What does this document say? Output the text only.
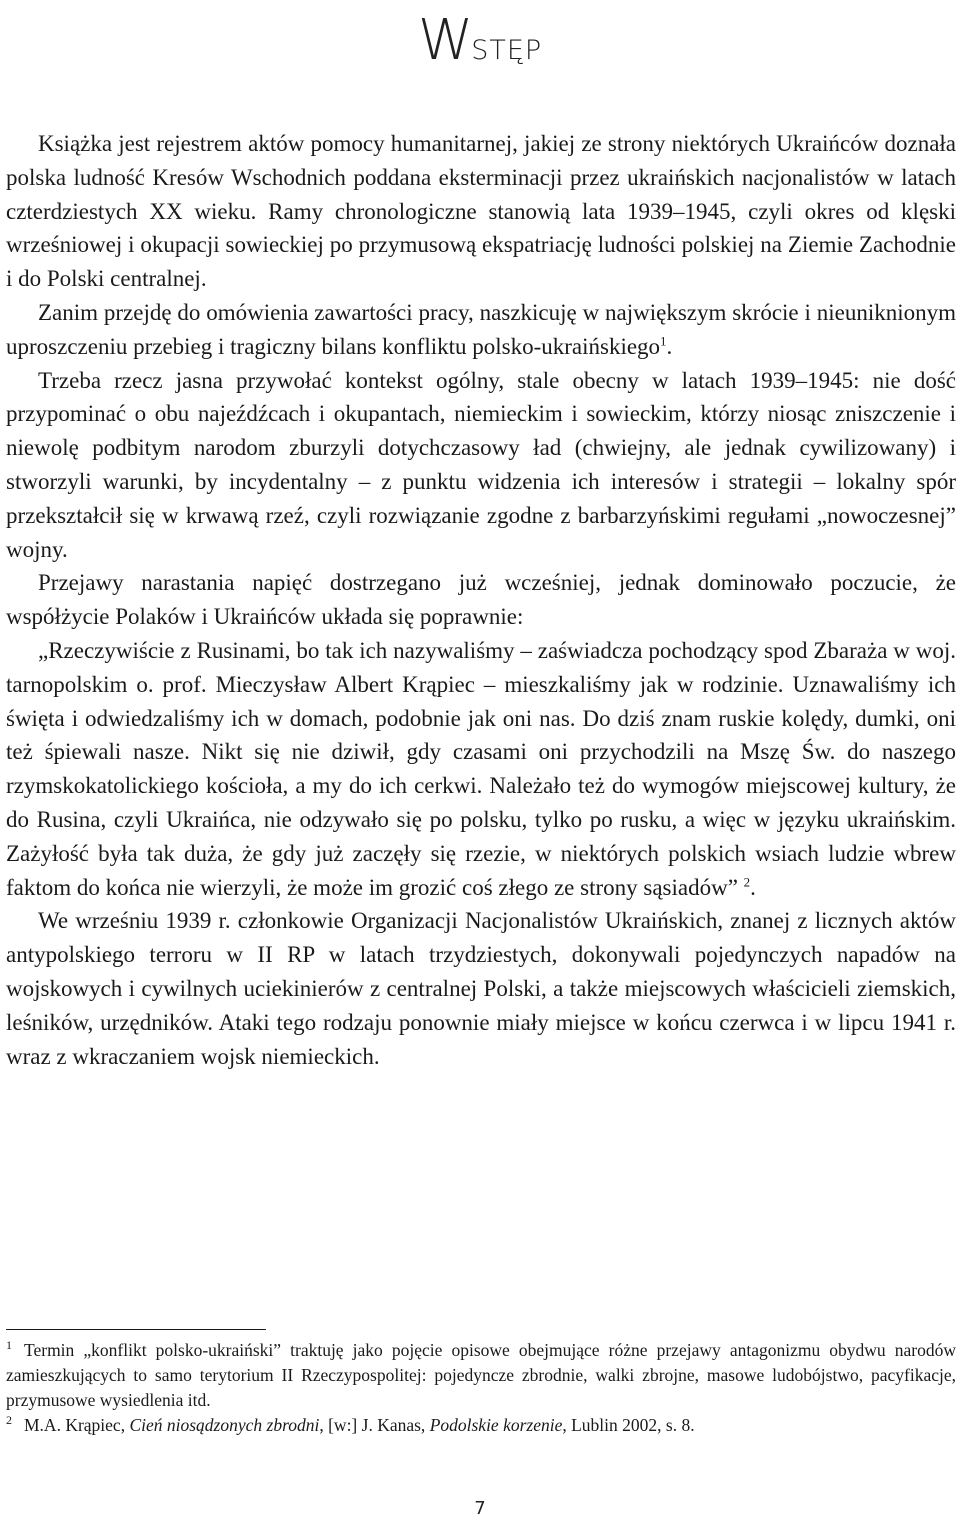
WSTĘP

Książka jest rejestrem aktów pomocy humanitarnej, jakiej ze strony niektórych Ukraińców doznała polska ludność Kresów Wschodnich poddana eksterminacji przez ukraińskich nacjonalistów w latach czterdziestych XX wieku. Ramy chronologiczne stanowią lata 1939–1945, czyli okres od klęski wrześniowej i okupacji sowieckiej po przymusową ekspatriację ludności polskiej na Ziemie Zachodnie i do Polski centralnej.

Zanim przejdę do omówienia zawartości pracy, naszkicuję w największym skrócie i nieuniknionym uproszczeniu przebieg i tragiczny bilans konfliktu polsko-ukraińskiego$^1$.

Trzeba rzecz jasna przywołać kontekst ogólny, stale obecny w latach 1939–1945: nie dość przypominać o obu najeźdźcach i okupantach, niemieckim i sowieckim, którzy niosąc zniszczenie i niewolę podbitym narodom zburzyli dotychczasowy ład (chwiejny, ale jednak cywilizowany) i stworzyli warunki, by incydentalny – z punktu widzenia ich interesów i strategii – lokalny spór przekształcił się w krwawą rzeź, czyli rozwiązanie zgodne z barbarzyńskimi regułami „nowoczesnej” wojny.

Przejawy narastania napięć dostrzegano już wcześniej, jednak dominowało poczucie, że współżycie Polaków i Ukraińców układa się poprawnie:

„Rzeczywiście z Rusinami, bo tak ich nazywaliśmy – zaświadcza pochodzący spod Zbaraża w woj. tarnopolskim o. prof. Mieczysław Albert Krąpiec – mieszkaliśmy jak w rodzinie. Uznawaliśmy ich święta i odwiedzaliśmy ich w domach, podobnie jak oni nas. Do dziś znam ruskie kolędy, dumki, oni też śpiewali nasze. Nikt się nie dziwił, gdy czasami oni przychodzili na Mszę Św. do naszego rzymskokatolickiego kościoła, a my do ich cerkwi. Należało też do wymogów miejscowej kultury, że do Rusina, czyli Ukraińca, nie odzywało się po polsku, tylko po rusku, a więc w języku ukraińskim. Zażyłość była tak duża, że gdy już zaczęły się rzezie, w niektórych polskich wsiach ludzie wbrew faktom do końca nie wierzyli, że może im grozić coś złego ze strony sąsiadów” $^2$.

We wrześniu 1939 r. członkowie Organizacji Nacjonalistów Ukraińskich, znanej z licznych aktów antypolskiego terroru w II RP w latach trzydziestych, dokonywali pojedynczych napadów na wojskowych i cywilnych uciekinierów z centralnej Polski, a także miejscowych właścicieli ziemskich, leśników, urzędników. Ataki tego rodzaju ponownie miały miejsce w końcu czerwca i w lipcu 1941 r. wraz z wkraczaniem wojsk niemieckich.

$^1$ Termin „konflikt polsko-ukraiński” traktuję jako pojęcie opisowe obejmujące różne przejawy antagonizmu obydwu narodów zamieszkujących to samo terytorium II Rzeczypospolitej: pojedyncze zbrodnie, walki zbrojne, masowe ludobójstwo, pacyfikacje, przymusowe wysiedlenia itd.

$^2$ M.A. Krąpiec, Cień niosądzonych zbrodni, [w:] J. Kanas, Podolskie korzenie, Lublin 2002, s. 8.

7
